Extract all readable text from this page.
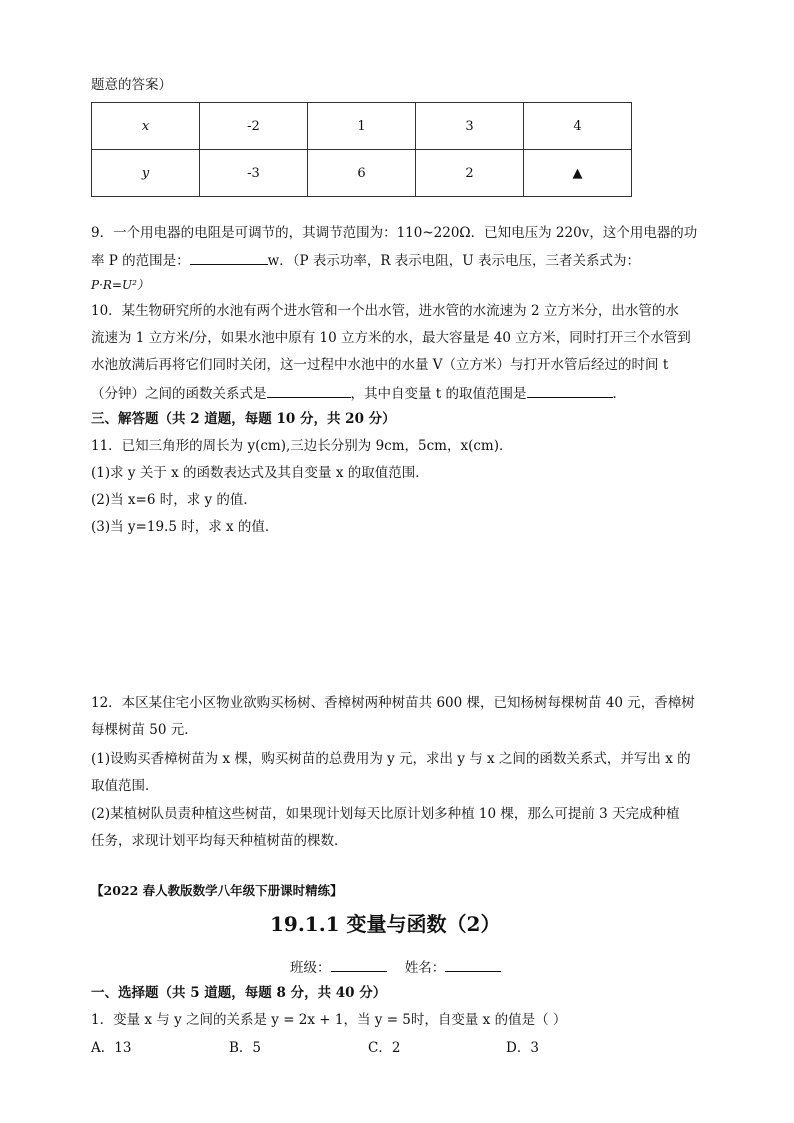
题意的答案）
x	-2	1	3	4
y	-3	6	2	▲
9．一个用电器的电阻是可调节的，其调节范围为：110~220Ω．已知电压为 220v，这个用电器的功
率 P 的范围是：	w．（P 表示功率，R 表示电阻，U 表示电压，三者关系式为：
P·R=U²）
10．某生物研究所的水池有两个进水管和一个出水管，进水管的水流速为 2 立方米分，出水管的水
流速为 1 立方米/分，如果水池中原有 10 立方米的水，最大容量是 40 立方米，同时打开三个水管到
水池放满后再将它们同时关闭，这一过程中水池中的水量 V（立方米）与打开水管后经过的时间 t
（分钟）之间的函数关系式是	，其中自变量 t 的取值范围是	．
三、解答题（共 2 道题，每题 10 分，共 20 分）
11．已知三角形的周长为 y(cm),三边长分别为 9cm，5cm，x(cm)．
(1)求 y 关于 x 的函数表达式及其自变量 x 的取值范围．
(2)当 x=6 时，求 y 的值．
(3)当 y=19.5 时，求 x 的值．
12．本区某住宅小区物业欲购买杨树、香樟树两种树苗共 600 棵，已知杨树每棵树苗 40 元，香樟树
每棵树苗 50 元．
(1)设购买香樟树苗为 x 棵，购买树苗的总费用为 y 元，求出 y 与 x 之间的函数关系式，并写出 x 的
取值范围．
(2)某植树队员责种植这些树苗，如果现计划每天比原计划多种植 10 棵，那么可提前 3 天完成种植
任务，求现计划平均每天种植树苗的棵数．
【2022 春人教版数学八年级下册课时精练】
19.1.1 变量与函数（2）
班级：	姓名：
一、选择题（共 5 道题，每题 8 分，共 40 分）
1．变量 x 与 y 之间的关系是 y = 2x + 1，当 y = 5时，自变量 x 的值是（ ）
A．13	B．5	C．2	D．3
